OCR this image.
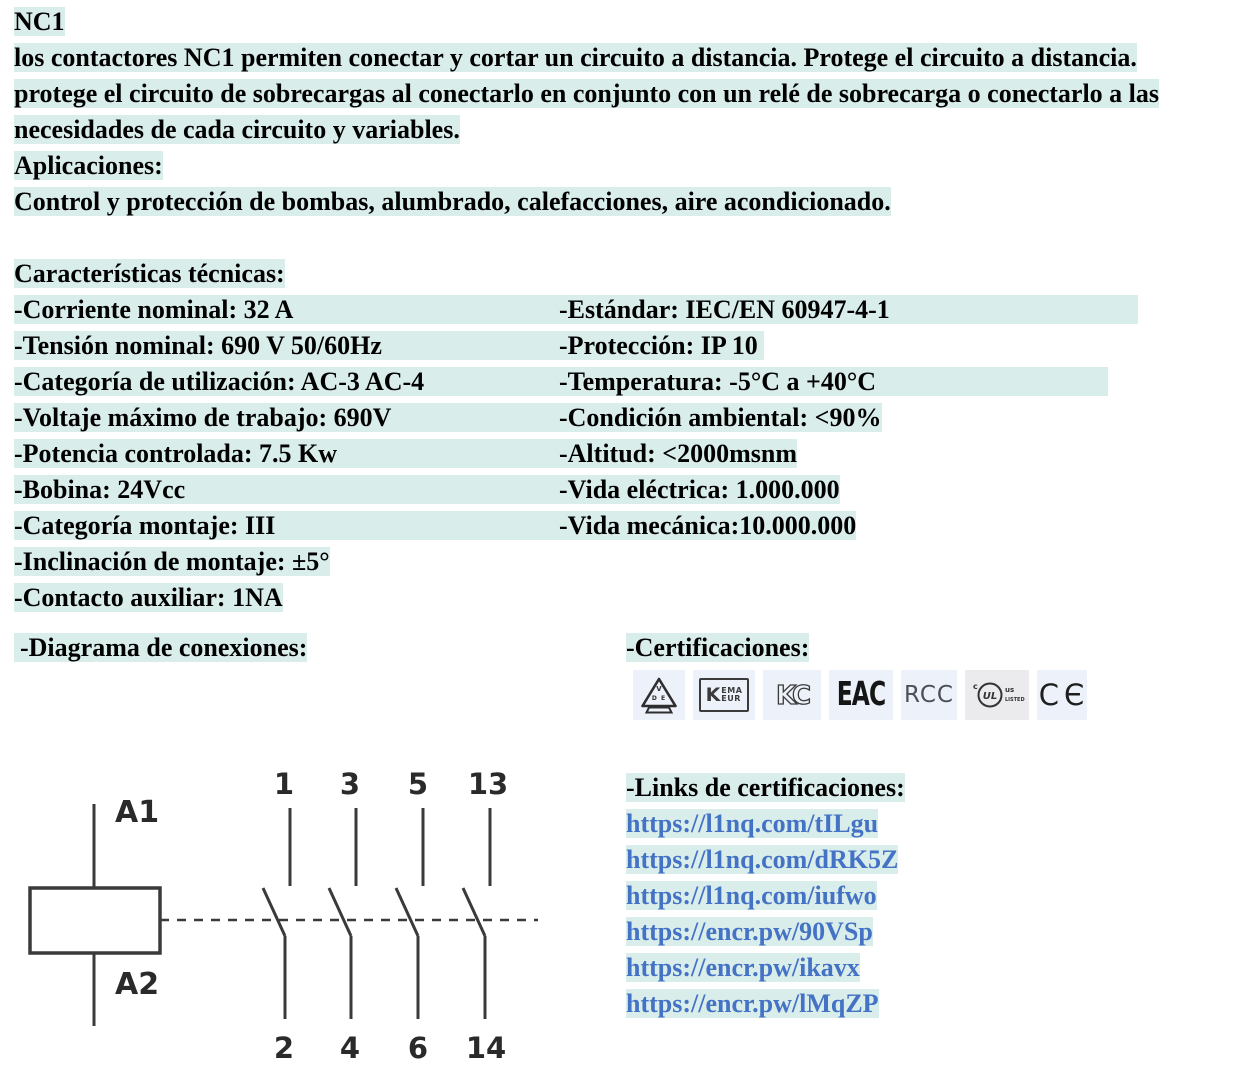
NC1
los contactores NC1 permiten conectar y cortar un circuito a distancia. Protege el circuito a distancia. protege el circuito de sobrecargas al conectarlo en conjunto con un relé de sobrecarga o conectarlo a las necesidades de cada circuito y variables.
Aplicaciones:
Control y protección de bombas, alumbrado, calefacciones, aire acondicionado.
Características técnicas:
-Corriente nominal: 32 A	-Estándar: IEC/EN 60947-4-1
-Tensión nominal: 690 V 50/60Hz	-Protección: IP 10
-Categoría de utilización: AC-3 AC-4	-Temperatura: -5°C a +40°C
-Voltaje máximo de trabajo: 690V	-Condición ambiental: <90%
-Potencia controlada: 7.5 Kw	-Altitud: <2000msnm
-Bobina: 24Vcc	-Vida eléctrica: 1.000.000
-Categoría montaje: III	-Vida mecánica:10.000.000
-Inclinación de montaje: ±5°
-Contacto auxiliar: 1NA
-Diagrama de conexiones:
A1
A2
1
2
3
4
5
6
13
14
-Certificaciones:
V
D E K EMA
EUR KC EAC RCC c
UL
us
LISTED CЄ
-Links de certificaciones:
https://l1nq.com/tILgu
https://l1nq.com/dRK5Z
https://l1nq.com/iufwo
https://encr.pw/90VSp
https://encr.pw/ikavx
https://encr.pw/lMqZP
